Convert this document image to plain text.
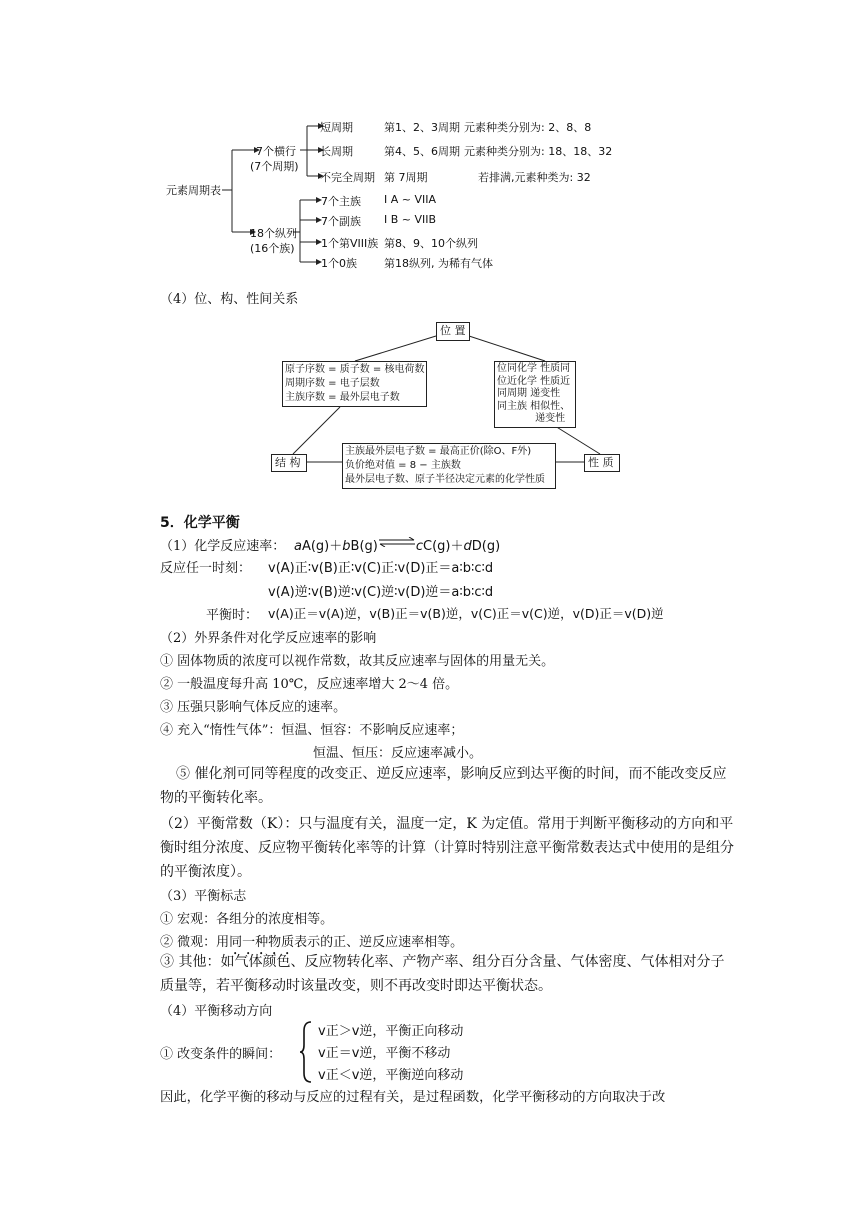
元素周期表
7个横行
(7个周期)
18个纵列
(16个族)
短周期	第1、2、3周期 元素种类分别为: 2、8、8
长周期	第4、5、6周期 元素种类分别为: 18、18、32
不完全周期 第 7周期	若排满,元素种类为: 32
7个主族 I A ~ VIIA
7个副族 I B ~ VIIB
1个第VIII族 第8、9、10个纵列
1个0族 第18纵列, 为稀有气体
（4）位、构、性间关系
位 置
原子序数 = 质子数 = 核电荷数
周期序数 = 电子层数
主族序数 = 最外层电子数
位同化学 性质同
位近化学 性质近
同周期 递变性
同主族 相似性、
递变性
结 构
主族最外层电子数 = 最高正价(除O、F外)
负价绝对值 = 8 − 主族数
最外层电子数、原子半径决定元素的化学性质
性 质
5．化学平衡
（1）化学反应速率： aA(g)＋bB(g)	cC(g)＋dD(g)
反应任一时刻： v(A)正∶v(B)正∶v(C)正∶v(D)正＝a∶b∶c∶d
v(A)逆∶v(B)逆∶v(C)逆∶v(D)逆＝a∶b∶c∶d
平衡时： v(A)正＝v(A)逆，v(B)正＝v(B)逆，v(C)正＝v(C)逆，v(D)正＝v(D)逆
（2）外界条件对化学反应速率的影响
① 固体物质的浓度可以视作常数，故其反应速率与固体的用量无关。
② 一般温度每升高 10℃，反应速率增大 2～4 倍。
③ 压强只影响气体反应的速率。
④ 充入“惰性气体”：恒温、恒容：不影响反应速率；
恒温、恒压：反应速率减小。
⑤ 催化剂可同等程度的改变正、逆反应速率，影响反应到达平衡的时间，而不能改变反应物的平衡转化率。
（2）平衡常数（K）：只与温度有关，温度一定，K 为定值。常用于判断平衡移动的方向和平衡时组分浓度、反应物平衡转化率等的计算（计算时特别注意平衡常数表达式中使用的是组分的平衡浓度）。
（3）平衡标志
① 宏观：各组分的浓度相等。
② 微观：用同一种物质表示的正、逆反应速率相等。
③ 其他：如气体颜色、反应物转化率、产物产率、组分百分含量、气体密度、气体相对分子质量等，若平衡移动时该量改变，则不再改变时即达平衡状态。
（4）平衡移动方向
① 改变条件的瞬间：
v正＞v逆，平衡正向移动
v正＝v逆，平衡不移动
v正＜v逆，平衡逆向移动
因此，化学平衡的移动与反应的过程有关，是过程函数，化学平衡移动的方向取决于改
